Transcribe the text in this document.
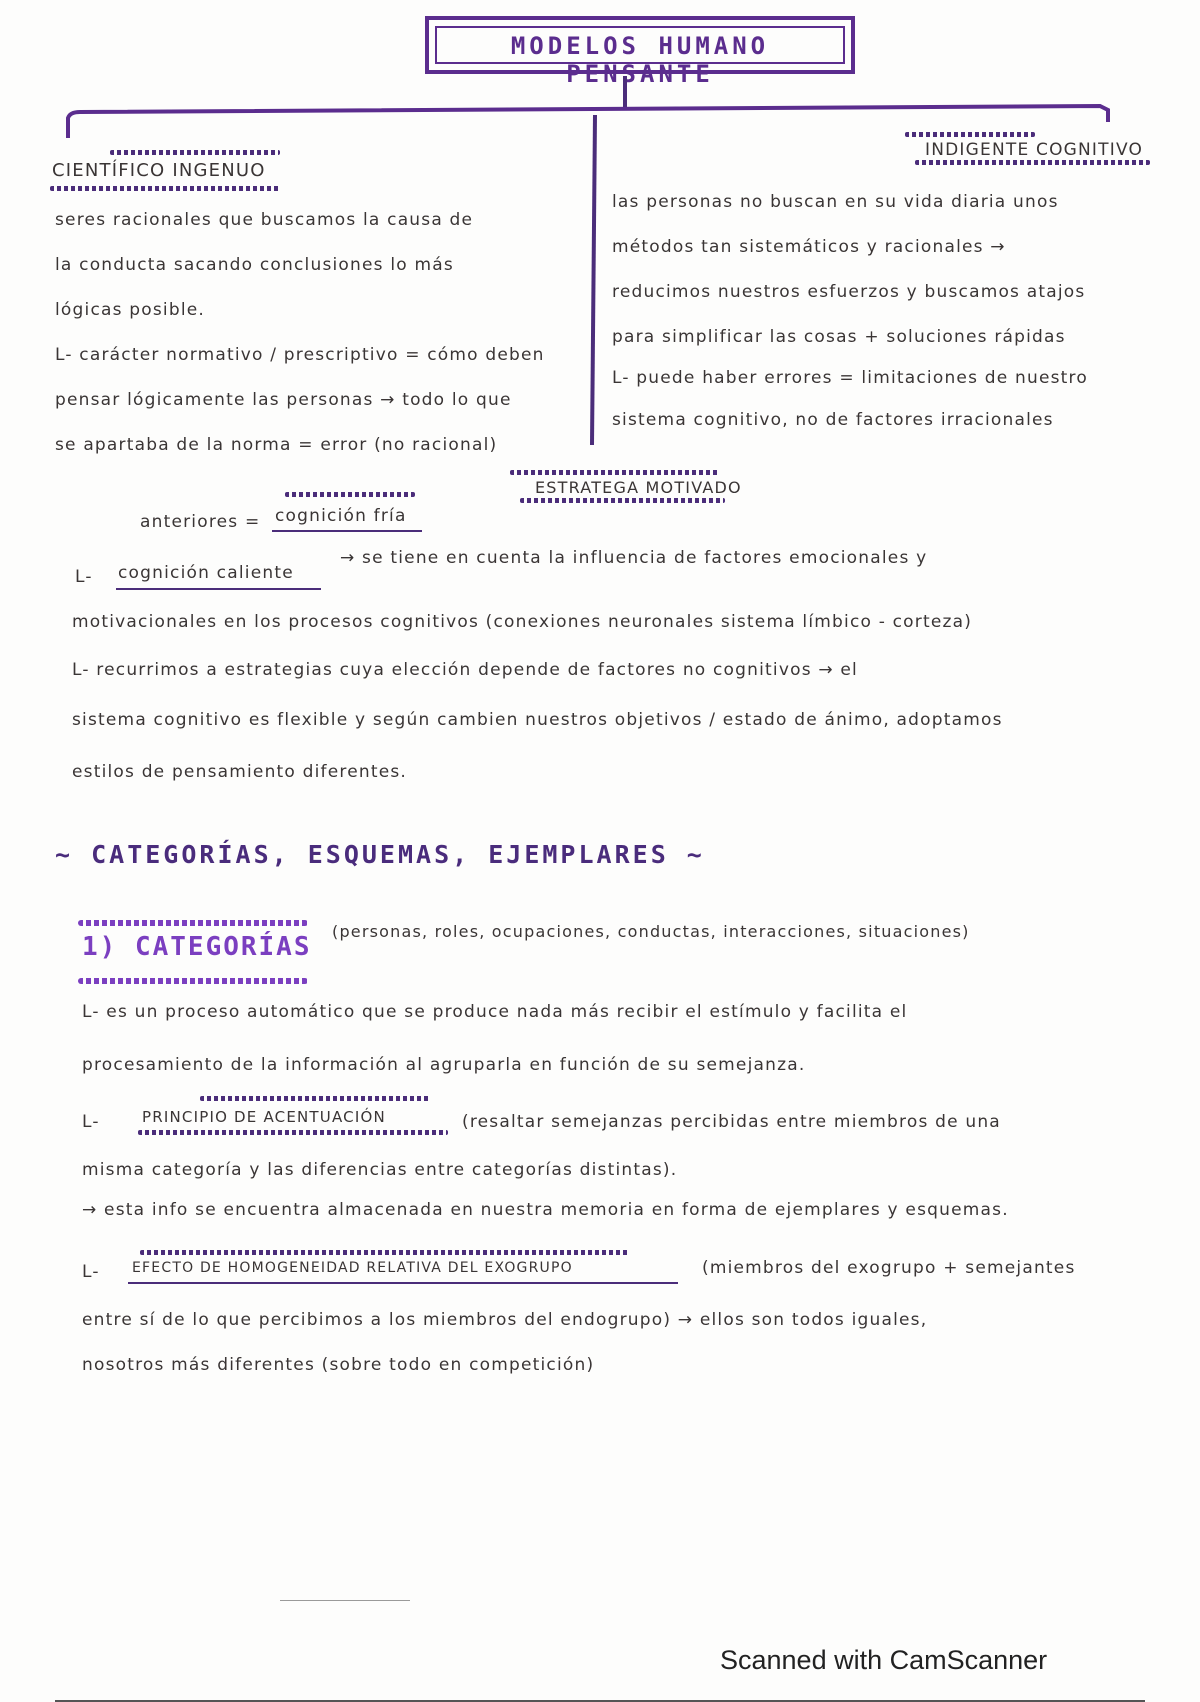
MODELOS HUMANO PENSANTE
CIENTÍFICO INGENUO
seres racionales que buscamos la causa de
la conducta sacando conclusiones lo más
lógicas posible.
L- carácter normativo / prescriptivo = cómo deben
pensar lógicamente las personas → todo lo que
se apartaba de la norma = error (no racional)
INDIGENTE COGNITIVO
las personas no buscan en su vida diaria unos
métodos tan sistemáticos y racionales →
reducimos nuestros esfuerzos y buscamos atajos
para simplificar las cosas + soluciones rápidas
L- puede haber errores = limitaciones de nuestro
sistema cognitivo, no de factores irracionales
ESTRATEGA MOTIVADO
anteriores = cognición fría
L- cognición caliente
→ se tiene en cuenta la influencia de factores emocionales y
motivacionales en los procesos cognitivos (conexiones neuronales sistema límbico - corteza)
L- recurrimos a estrategias cuya elección depende de factores no cognitivos → el
sistema cognitivo es flexible y según cambien nuestros objetivos / estado de ánimo, adoptamos
estilos de pensamiento diferentes.
~ CATEGORÍAS, ESQUEMAS, EJEMPLARES ~
1) CATEGORÍAS
(personas, roles, ocupaciones, conductas, interacciones, situaciones)
L- es un proceso automático que se produce nada más recibir el estímulo y facilita el
procesamiento de la información al agruparla en función de su semejanza.
L-	PRINCIPIO DE ACENTUACIÓN	(resaltar semejanzas percibidas entre miembros de una
misma categoría y las diferencias entre categorías distintas).
→ esta info se encuentra almacenada en nuestra memoria en forma de ejemplares y esquemas.
L- EFECTO DE HOMOGENEIDAD RELATIVA DEL EXOGRUPO	(miembros del exogrupo + semejantes
entre sí de lo que percibimos a los miembros del endogrupo) → ellos son todos iguales,
nosotros más diferentes (sobre todo en competición)
Scanned with CamScanner
